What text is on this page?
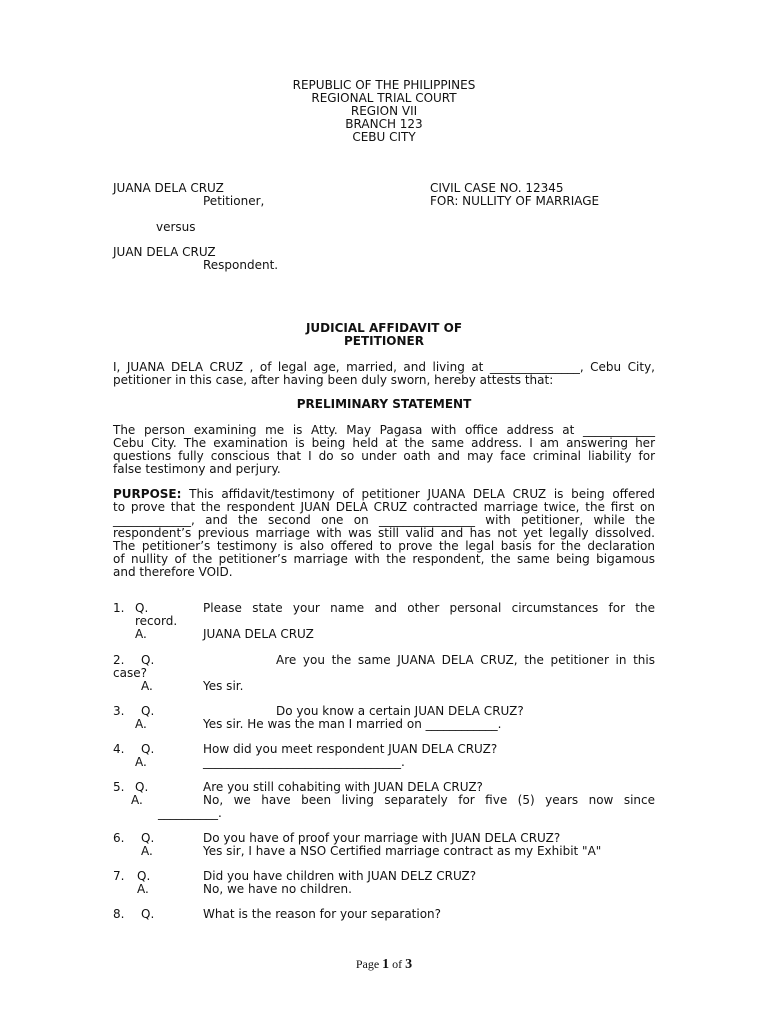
REPUBLIC OF THE PHILIPPINES
REGIONAL TRIAL COURT
REGION VII
BRANCH 123
CEBU CITY
JUANA DELA CRUZ
Petitioner,
CIVIL CASE NO. 12345
FOR: NULLITY OF MARRIAGE
versus
JUAN DELA CRUZ
Respondent.
JUDICIAL AFFIDAVIT OF
PETITIONER
I, JUANA DELA CRUZ , of legal age, married, and living at _______________, Cebu City,
petitioner in this case, after having been duly sworn, hereby attests that:
PRELIMINARY STATEMENT
The person examining me is Atty. May Pagasa with office address at ____________
Cebu City. The examination is being held at the same address. I am answering her
questions fully conscious that I do so under oath and may face criminal liability for
false testimony and perjury.
PURPOSE: This affidavit/testimony of petitioner JUANA DELA CRUZ is being offered
to prove that the respondent JUAN DELA CRUZ contracted marriage twice, the first on
_____________, and the second one on ________________ with petitioner, while the
respondent’s previous marriage with was still valid and has not yet legally dissolved.
The petitioner’s testimony is also offered to prove the legal basis for the declaration
of nullity of the petitioner’s marriage with the respondent, the same being bigamous
and therefore VOID.
1. Q.	Please state your name and other personal circumstances for the
record.
A.	JUANA DELA CRUZ
2. Q.	Are you the same JUANA DELA CRUZ, the petitioner in this
case?
A.	Yes sir.
3. Q.	Do you know a certain JUAN DELA CRUZ?
A.	Yes sir. He was the man I married on ____________.
4. Q.	How did you meet respondent JUAN DELA CRUZ?
A.	_________________________________.
5. Q.	Are you still cohabiting with JUAN DELA CRUZ?
A.	No, we have been living separately for five (5) years now since
__________.
6. Q.	Do you have of proof your marriage with JUAN DELA CRUZ?
A.	Yes sir, I have a NSO Certified marriage contract as my Exhibit "A"
7. Q.	Did you have children with JUAN DELZ CRUZ?
A.	No, we have no children.
8. Q.	What is the reason for your separation?
Page 1 of 3
